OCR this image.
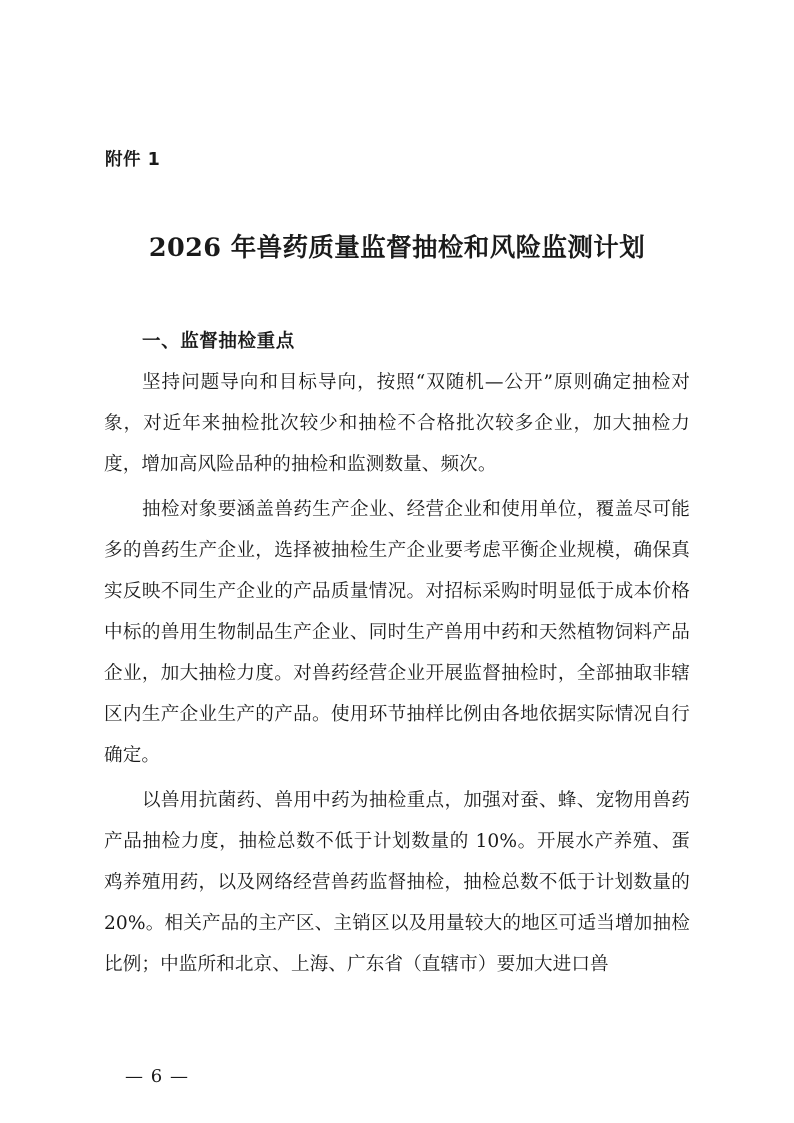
附件 1
2026 年兽药质量监督抽检和风险监测计划
一、监督抽检重点

坚持问题导向和目标导向，按照“双随机—公开”原则确定抽检对象，对近年来抽检批次较少和抽检不合格批次较多企业，加大抽检力度，增加高风险品种的抽检和监测数量、频次。

抽检对象要涵盖兽药生产企业、经营企业和使用单位，覆盖尽可能多的兽药生产企业，选择被抽检生产企业要考虑平衡企业规模，确保真实反映不同生产企业的产品质量情况。对招标采购时明显低于成本价格中标的兽用生物制品生产企业、同时生产兽用中药和天然植物饲料产品企业，加大抽检力度。对兽药经营企业开展监督抽检时，全部抽取非辖区内生产企业生产的产品。使用环节抽样比例由各地依据实际情况自行确定。

以兽用抗菌药、兽用中药为抽检重点，加强对蚕、蜂、宠物用兽药产品抽检力度，抽检总数不低于计划数量的 10%。开展水产养殖、蛋鸡养殖用药，以及网络经营兽药监督抽检，抽检总数不低于计划数量的 20%。相关产品的主产区、主销区以及用量较大的地区可适当增加抽检比例；中监所和北京、上海、广东省（直辖市）要加大进口兽

— 6 —
